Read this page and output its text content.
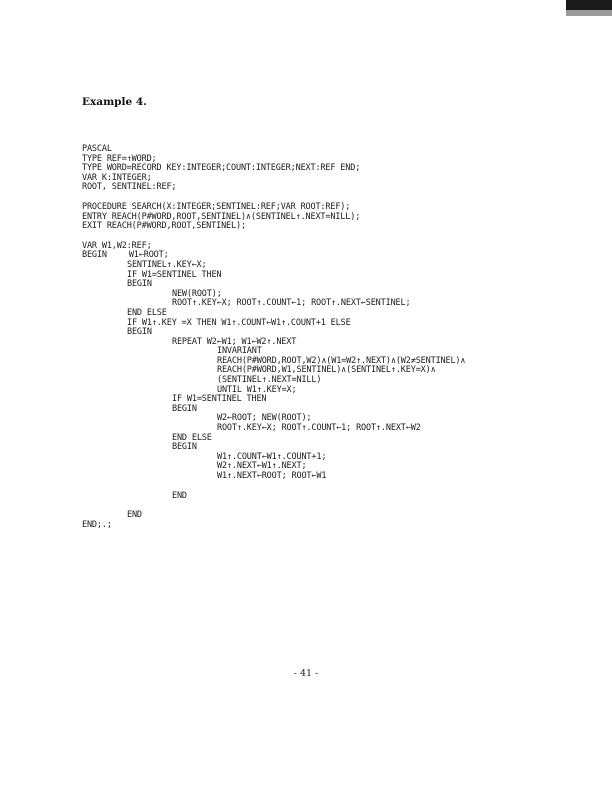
Example 4.
PASCAL
TYPE REF=↑WORD;
TYPE WORD=RECORD KEY:INTEGER;COUNT:INTEGER;NEXT:REF END;
VAR K:INTEGER;
ROOT, SENTINEL:REF;
PROCEDURE SEARCH(X:INTEGER;SENTINEL:REF;VAR ROOT:REF);
ENTRY REACH(P#WORD,ROOT,SENTINEL)∧(SENTINEL↑.NEXT=NILL);
EXIT REACH(P#WORD,ROOT,SENTINEL);
VAR W1,W2:REF;
BEGIN	W1←ROOT;
SENTINEL↑.KEY←X;
IF W1=SENTINEL THEN
BEGIN
NEW(ROOT);
ROOT↑.KEY←X; ROOT↑.COUNT←1; ROOT↑.NEXT←SENTINEL;
END ELSE
IF W1↑.KEY =X THEN W1↑.COUNT←W1↑.COUNT+1 ELSE
BEGIN
REPEAT W2←W1; W1←W2↑.NEXT
INVARIANT
REACH(P#WORD,ROOT,W2)∧(W1=W2↑.NEXT)∧(W2≠SENTINEL)∧
REACH(P#WORD,W1,SENTINEL)∧(SENTINEL↑.KEY=X)∧
(SENTINEL↑.NEXT=NILL)
UNTIL W1↑.KEY=X;
IF W1=SENTINEL THEN
BEGIN
W2←ROOT; NEW(ROOT);
ROOT↑.KEY←X; ROOT↑.COUNT←1; ROOT↑.NEXT←W2
END ELSE
BEGIN
W1↑.COUNT←W1↑.COUNT+1;
W2↑.NEXT←W1↑.NEXT;
W1↑.NEXT←ROOT; ROOT←W1
END
END
END;.;
- 41 -
